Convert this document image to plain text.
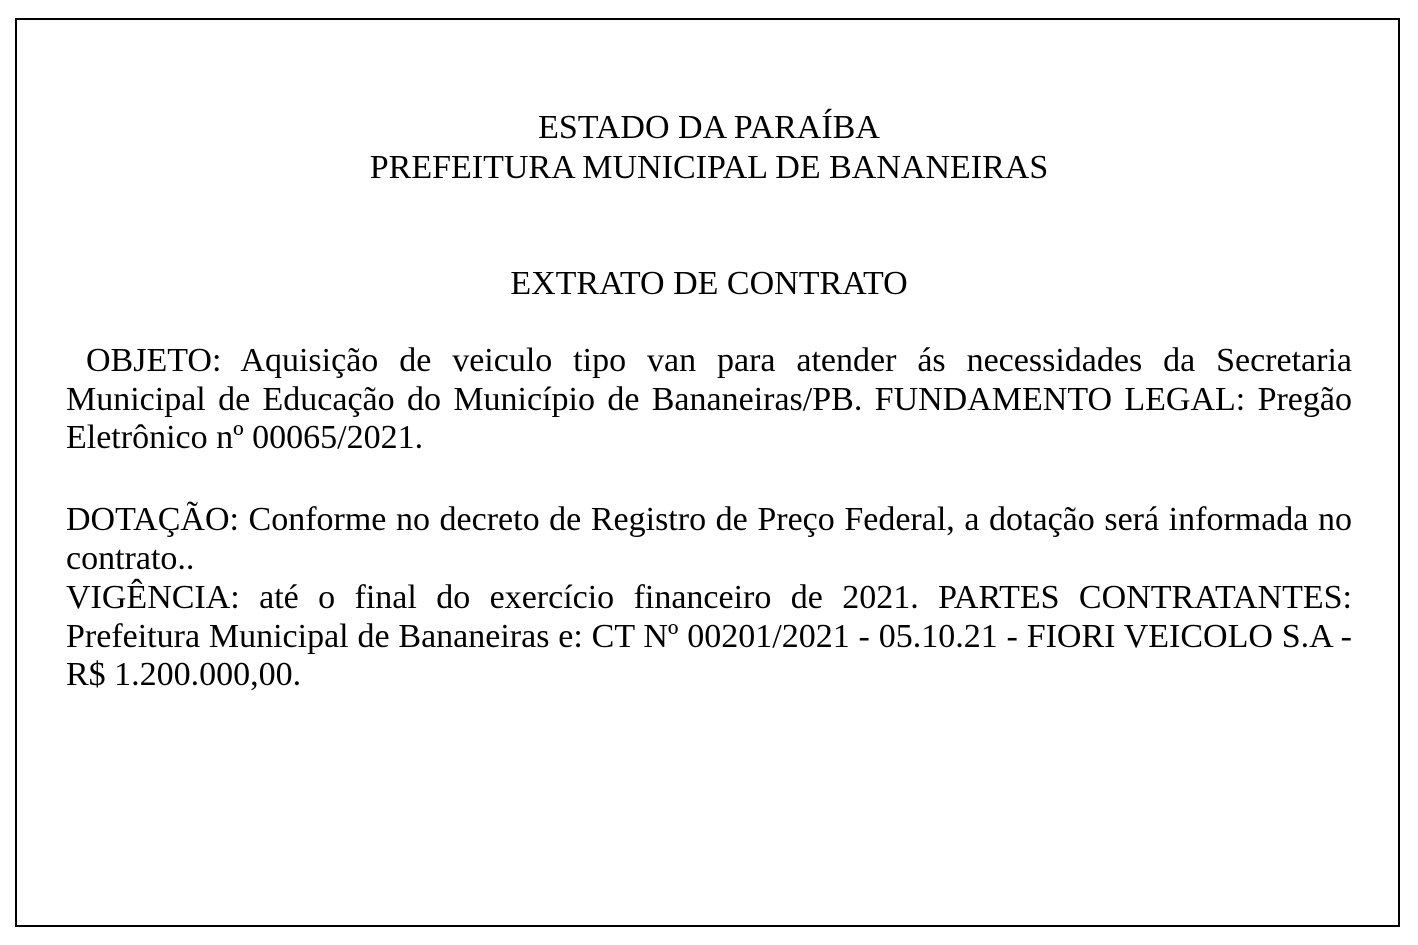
ESTADO DA PARAÍBA
PREFEITURA MUNICIPAL DE BANANEIRAS
EXTRATO DE CONTRATO
OBJETO: Aquisição de veiculo tipo van para atender ás necessidades da Secretaria Municipal de Educação do Município de Bananeiras/PB. FUNDAMENTO LEGAL: Pregão Eletrônico nº 00065/2021.
DOTAÇÃO: Conforme no decreto de Registro de Preço Federal, a dotação será informada no contrato..
VIGÊNCIA: até o final do exercício financeiro de 2021. PARTES CONTRATANTES: Prefeitura Municipal de Bananeiras e: CT Nº 00201/2021 - 05.10.21 - FIORI VEICOLO S.A - R$ 1.200.000,00.
